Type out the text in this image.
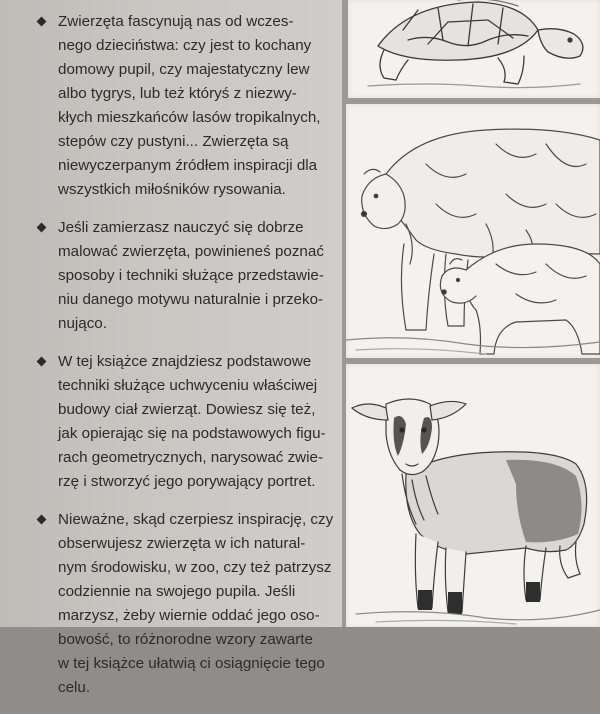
Zwierzęta fascynują nas od wczes-
nego dzieciństwa: czy jest to kochany
domowy pupil, czy majestatyczny lew
albo tygrys, lub też któryś z niezwy-
kłych mieszkańców lasów tropikalnych,
stepów czy pustyni... Zwierzęta są
niewyczerpanym źródłem inspiracji dla
wszystkich miłośników rysowania.

Jeśli zamierzasz nauczyć się dobrze
malować zwierzęta, powinieneś poznać
sposoby i techniki służące przedstawie-
niu danego motywu naturalnie i przeko-
nująco.

W tej książce znajdziesz podstawowe
techniki służące uchwyceniu właściwej
budowy ciał zwierząt. Dowiesz się też,
jak opierając się na podstawowych figu-
rach geometrycznych, narysować zwie-
rzę i stworzyć jego porywający portret.

Nieważne, skąd czerpiesz inspirację, czy
obserwujesz zwierzęta w ich natural-
nym środowisku, w zoo, czy też patrzysz
codziennie na swojego pupila. Jeśli
marzysz, żeby wiernie oddać jego oso-
bowość, to różnorodne wzory zawarte
w tej książce ułatwią ci osiągnięcie tego
celu.
